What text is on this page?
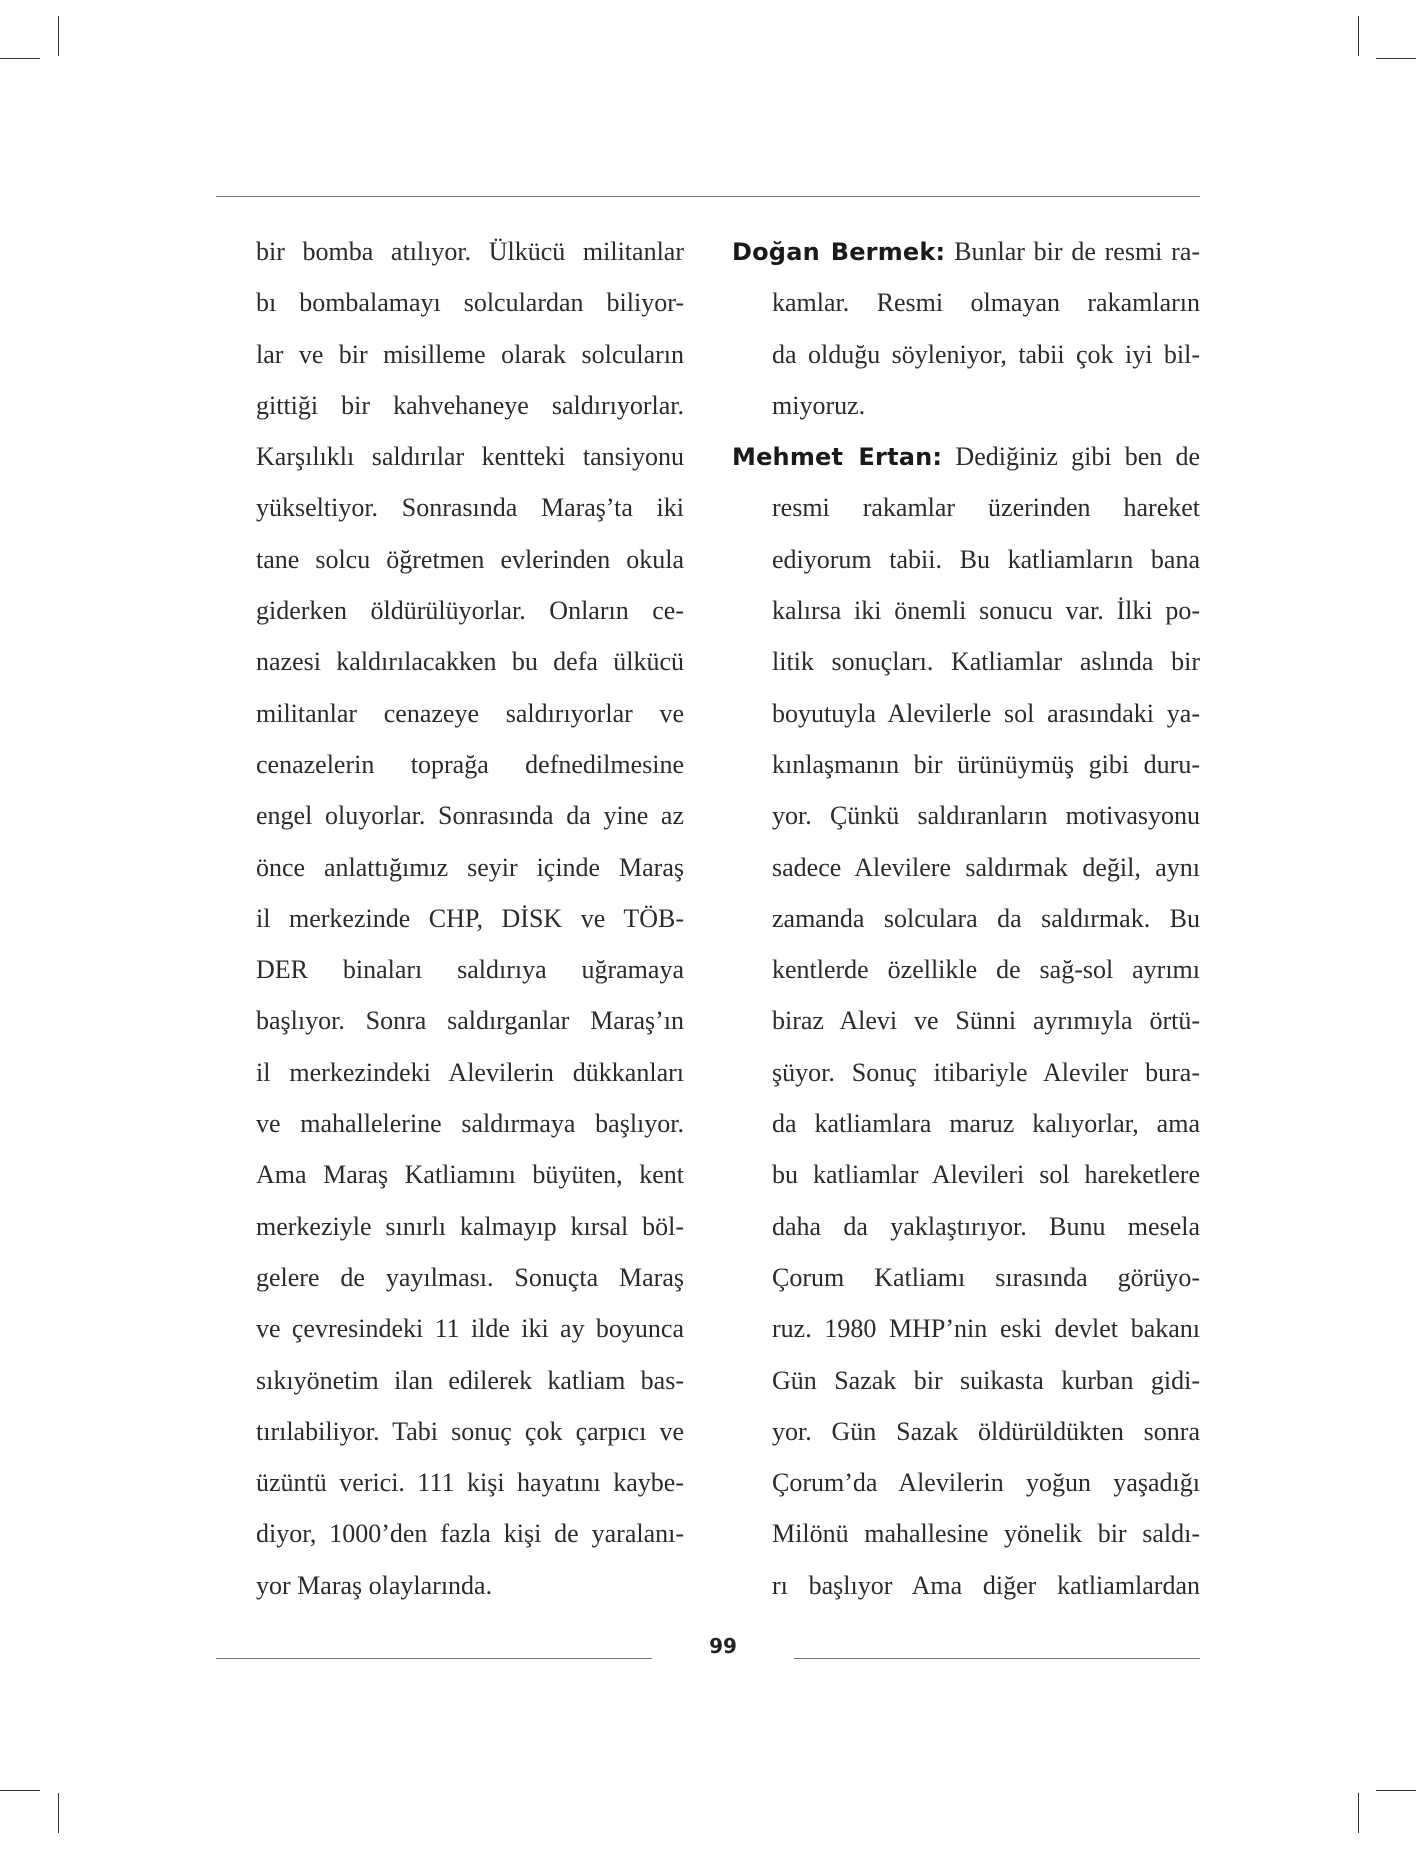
bir bomba atılıyor. Ülkücü militanlar
bı bombalamayı solculardan biliyor-
lar ve bir misilleme olarak solcuların
gittiği bir kahvehaneye saldırıyorlar.
Karşılıklı saldırılar kentteki tansiyonu
yükseltiyor. Sonrasında Maraş’ta iki
tane solcu öğretmen evlerinden okula
giderken öldürülüyorlar. Onların ce-
nazesi kaldırılacakken bu defa ülkücü
militanlar cenazeye saldırıyorlar ve
cenazelerin toprağa defnedilmesine
engel oluyorlar. Sonrasında da yine az
önce anlattığımız seyir içinde Maraş
il merkezinde CHP, DİSK ve TÖB-
DER binaları saldırıya uğramaya
başlıyor. Sonra saldırganlar Maraş’ın
il merkezindeki Alevilerin dükkanları
ve mahallelerine saldırmaya başlıyor.
Ama Maraş Katliamını büyüten, kent
merkeziyle sınırlı kalmayıp kırsal böl-
gelere de yayılması. Sonuçta Maraş
ve çevresindeki 11 ilde iki ay boyunca
sıkıyönetim ilan edilerek katliam bas-
tırılabiliyor. Tabi sonuç çok çarpıcı ve
üzüntü verici. 111 kişi hayatını kaybe-
diyor, 1000’den fazla kişi de yaralanı-
yor Maraş olaylarında.
Doğan Bermek: Bunlar bir de resmi ra-
kamlar. Resmi olmayan rakamların
da olduğu söyleniyor, tabii çok iyi bil-
miyoruz.
Mehmet Ertan: Dediğiniz gibi ben de
resmi rakamlar üzerinden hareket
ediyorum tabii. Bu katliamların bana
kalırsa iki önemli sonucu var. İlki po-
litik sonuçları. Katliamlar aslında bir
boyutuyla Alevilerle sol arasındaki ya-
kınlaşmanın bir ürünüymüş gibi duru-
yor. Çünkü saldıranların motivasyonu
sadece Alevilere saldırmak değil, aynı
zamanda solculara da saldırmak. Bu
kentlerde özellikle de sağ-sol ayrımı
biraz Alevi ve Sünni ayrımıyla örtü-
şüyor. Sonuç itibariyle Aleviler bura-
da katliamlara maruz kalıyorlar, ama
bu katliamlar Alevileri sol hareketlere
daha da yaklaştırıyor. Bunu mesela
Çorum Katliamı sırasında görüyo-
ruz. 1980 MHP’nin eski devlet bakanı
Gün Sazak bir suikasta kurban gidi-
yor. Gün Sazak öldürüldükten sonra
Çorum’da Alevilerin yoğun yaşadığı
Milönü mahallesine yönelik bir saldı-
rı başlıyor Ama diğer katliamlardan
99
